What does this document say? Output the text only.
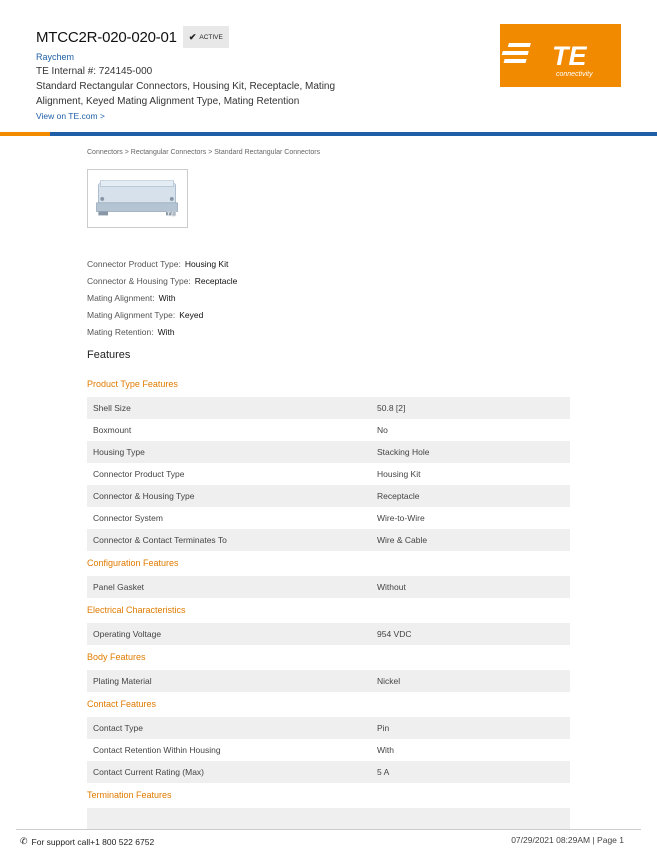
MTCC2R-020-020-01 ✔ ACTIVE
Raychem
TE Internal #: 724145-000
Standard Rectangular Connectors, Housing Kit, Receptacle, Mating Alignment, Keyed Mating Alignment Type, Mating Retention
View on TE.com >
TE
connectivity
Connectors > Rectangular Connectors > Standard Rectangular Connectors
TE
Connector Product Type: Housing Kit
Connector & Housing Type: Receptacle
Mating Alignment: With
Mating Alignment Type: Keyed
Mating Retention: With
Features
Product Type Features
Shell Size	50.8 [2]
Boxmount	No
Housing Type	Stacking Hole
Connector Product Type	Housing Kit
Connector & Housing Type	Receptacle
Connector System	Wire-to-Wire
Connector & Contact Terminates To	Wire & Cable
Configuration Features
Panel Gasket	Without
Electrical Characteristics
Operating Voltage	954 VDC
Body Features
Plating Material	Nickel
Contact Features
Contact Type	Pin
Contact Retention Within Housing	With
Contact Current Rating (Max)	5 A
Termination Features
✆ For support call+1 800 522 6752	07/29/2021 08:29AM | Page 1
